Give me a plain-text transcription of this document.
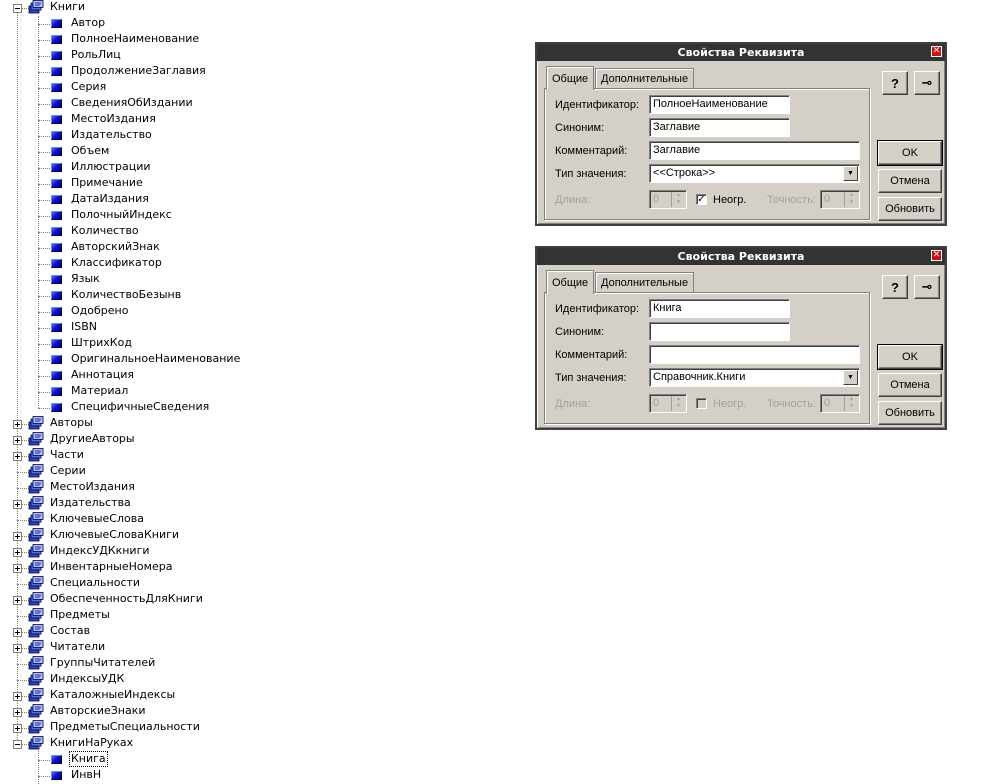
Книги
Автор
ПолноеНаименование
РольЛиц
ПродолжениеЗаглавия
Серия
СведенияОбИздании
МестоИздания
Издательство
Объем
Иллюстрации
Примечание
ДатаИздания
ПолочныйИндекс
Количество
АвторскийЗнак
Классификатор
Язык
КоличествоБезынв
Одобрено
ISBN
ШтрихКод
ОригинальноеНаименование
Аннотация
Материал
СпецифичныеСведения
Авторы
ДругиеАвторы
Части
Серии
МестоИздания
Издательства
КлючевыеСлова
КлючевыеСловаКниги
ИндексУДКкниги
ИнвентарныеНомера
Специальности
ОбеспеченностьДляКниги
Предметы
Состав
Читатели
ГруппыЧитателей
ИндексыУДК
КаталожныеИндексы
АвторскиеЗнаки
ПредметыСпециальности
КнигиНаРуках
Книга
ИнвН
Свойства Реквизита	✕
Общие	Дополнительные
Идентификатор:	ПолноеНаименование
Синоним:	Заглавие
Комментарий:	Заглавие
Тип значения:	<<Строка>>	▼
Длина:	0	▲
▼	✓ Неогр. Точность: 0	▲
▼
?	⊸
OK
Отмена
Обновить
Свойства Реквизита	✕
Общие	Дополнительные
Идентификатор:	Книга
Синоним:
Комментарий:
Тип значения:	Справочник.Книги	▼
Длина:	0	▲
▼	Неогр. Точность: 0	▲
▼
?	⊸
OK
Отмена
Обновить
